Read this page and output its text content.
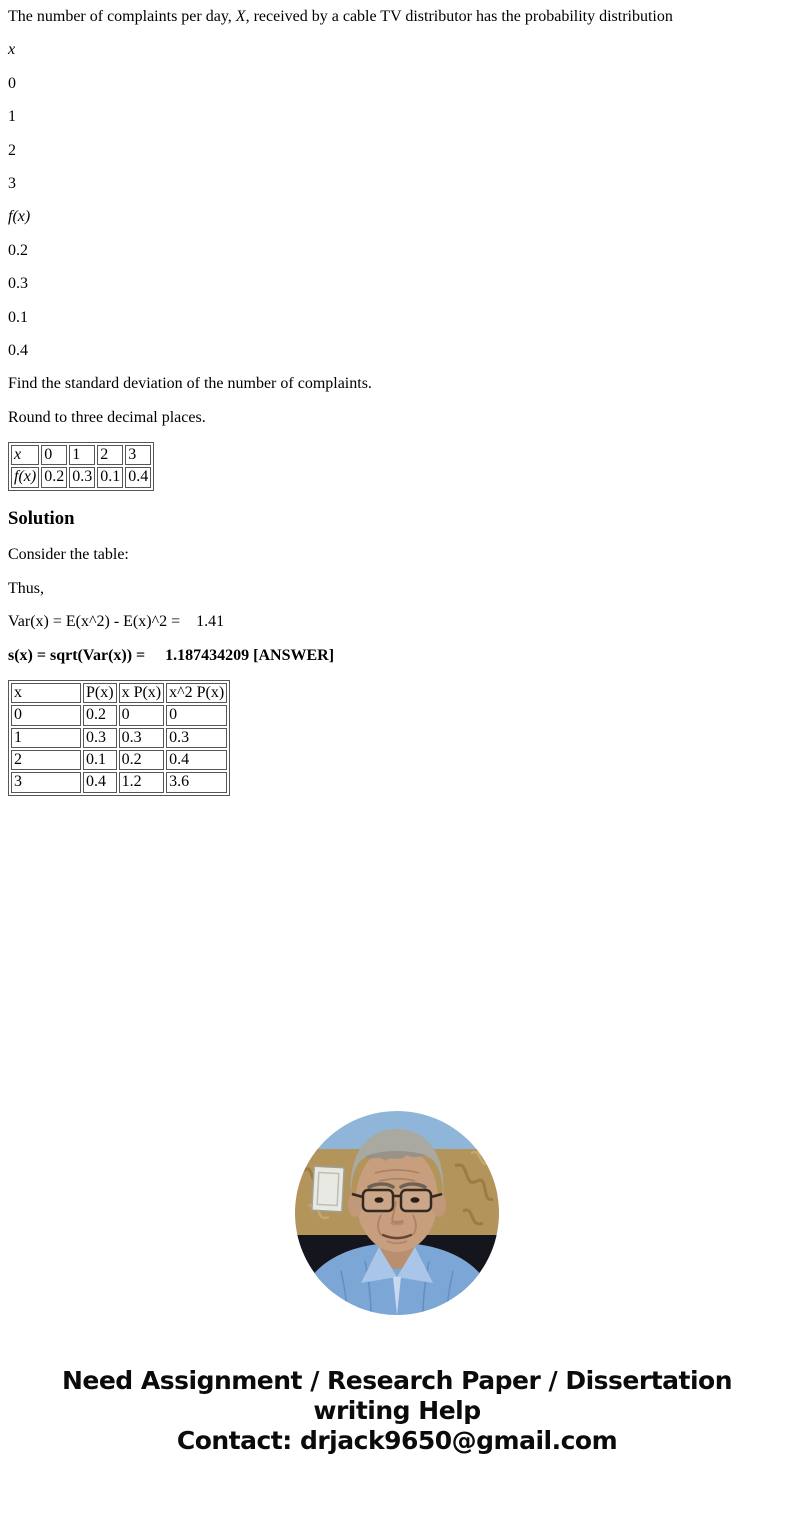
The number of complaints per day, X, received by a cable TV distributor has the probability distribution

x

0

1

2

3

f(x)

0.2

0.3

0.1

0.4

Find the standard deviation of the number of complaints.

Round to three decimal places.

x	0	1	2	3
f(x)	0.2	0.3	0.1	0.4
Solution

Consider the table:

Thus,

Var(x) = E(x^2) - E(x)^2 =    1.41

s(x) = sqrt(Var(x)) =     1.187434209 [ANSWER]

x	P(x)	x P(x)	x^2 P(x)
0	0.2	0	0
1	0.3	0.3	0.3
2	0.1	0.2	0.4
3	0.4	1.2	3.6
Need Assignment / Research Paper / Dissertation
writing Help
Contact: drjack9650@gmail.com
